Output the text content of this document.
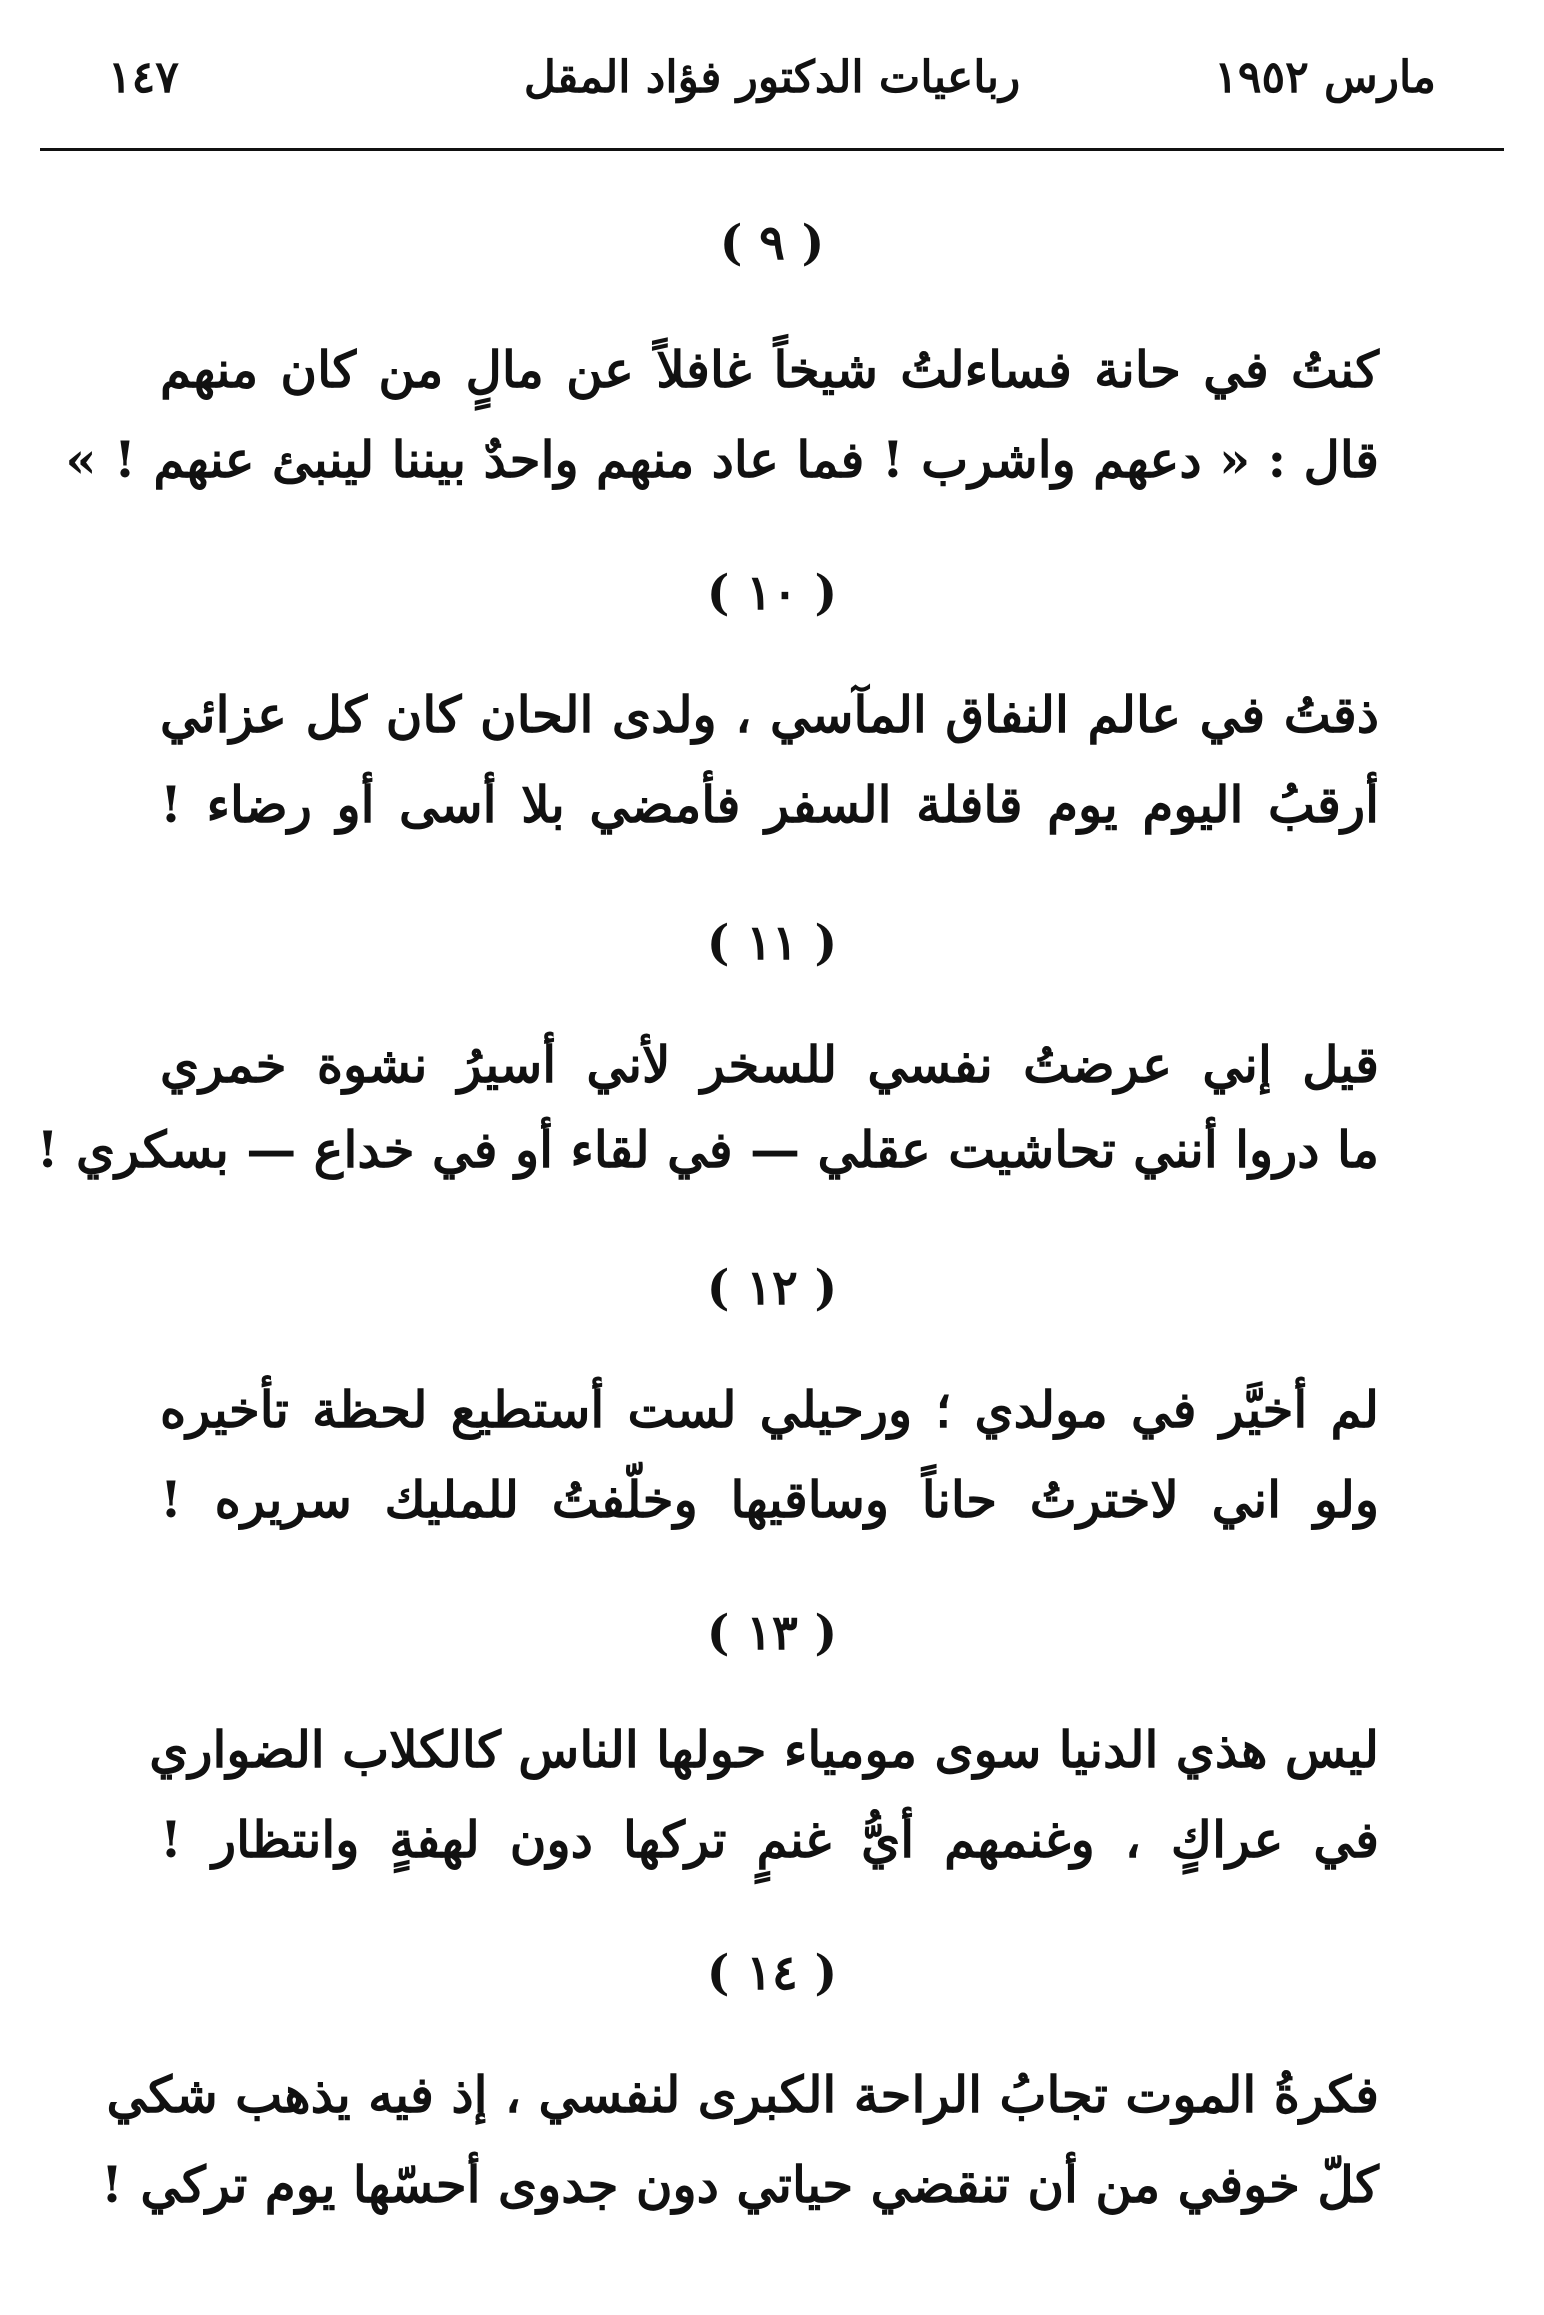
مارس ١٩٥٢
رباعيات الدكتور فؤاد المقل
١٤٧
( ٩ )
كنتُ في حانة فساءلتُ شيخاً غافلاً عن مالٍ من كان منهم
قال : « دعهم واشرب ! فما عاد منهم واحدٌ بيننا لينبئ عنهم ! »
( ١٠ )
ذقتُ في عالم النفاق المآسي ، ولدى الحان كان كل عزائي
أرقبُ اليوم يوم قافلة السفر فأمضي بلا أسى أو رضاء !
( ١١ )
قيل إني عرضتُ نفسي للسخر لأني أسيرُ نشوة خمري
ما دروا أنني تحاشيت عقلي — في لقاء أو في خداع — بسكري !
( ١٢ )
لم أخيَّر في مولدي ؛ ورحيلي لست أستطيع لحظة تأخيره
ولو اني لاخترتُ حاناً وساقيها وخلّفتُ للمليك سريره !
( ١٣ )
ليس هذي الدنيا سوى مومياء حولها الناس كالكلاب الضواري
في عراكٍ ، وغنمهم أيُّ غنمٍ تركها دون لهفةٍ وانتظار !
( ١٤ )
فكرةُ الموت تجابُ الراحة الكبرى لنفسي ، إذ فيه يذهب شكي
كلّ خوفي من أن تنقضي حياتي دون جدوى أحسّها يوم تركي !
